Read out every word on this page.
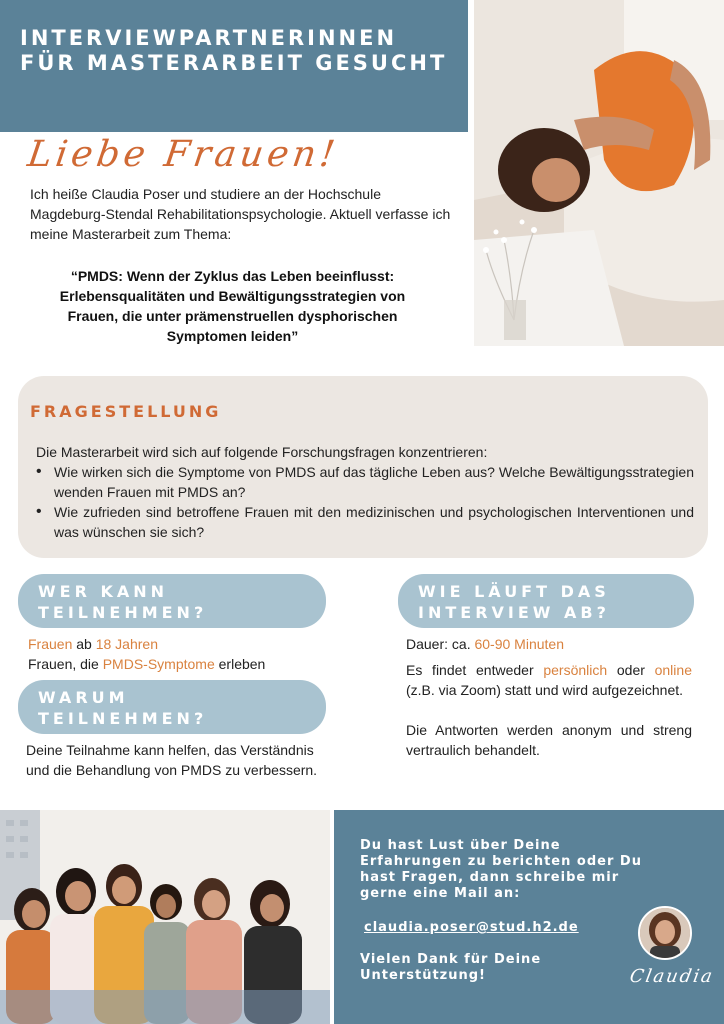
INTERVIEWPARTNERINNEN FÜR MASTERARBEIT GESUCHT
Liebe Frauen!

Ich heiße Claudia Poser und studiere an der Hochschule Magdeburg-Stendal Rehabilitationspsychologie. Aktuell verfasse ich meine Masterarbeit zum Thema:

“PMDS: Wenn der Zyklus das Leben beeinflusst: Erlebensqualitäten und Bewältigungsstrategien von Frauen, die unter prämenstruellen dysphorischen Symptomen leiden”

FRAGESTELLUNG
Die Masterarbeit wird sich auf folgende Forschungsfragen konzentrieren:
• Wie wirken sich die Symptome von PMDS auf das tägliche Leben aus? Welche Bewältigungsstrategien wenden Frauen mit PMDS an?
• Wie zufrieden sind betroffene Frauen mit den medizinischen und psychologischen Interventionen und was wünschen sie sich?
WER KANN TEILNEHMEN?
Frauen ab 18 Jahren
Frauen, die PMDS-Symptome erleben
WARUM TEILNEHMEN?

Deine Teilnahme kann helfen, das Verständnis und die Behandlung von PMDS zu verbessern.

WIE LÄUFT DAS INTERVIEW AB?
Dauer: ca. 60-90 Minuten

Es findet entweder persönlich oder online (z.B. via Zoom) statt und wird aufgezeichnet.

Die Antworten werden anonym und streng vertraulich behandelt.

Du hast Lust über Deine Erfahrungen zu berichten oder Du hast Fragen, dann schreibe mir gerne eine Mail an:

claudia.poser@stud.h2.de

Vielen Dank für Deine Unterstützung!	Claudia
